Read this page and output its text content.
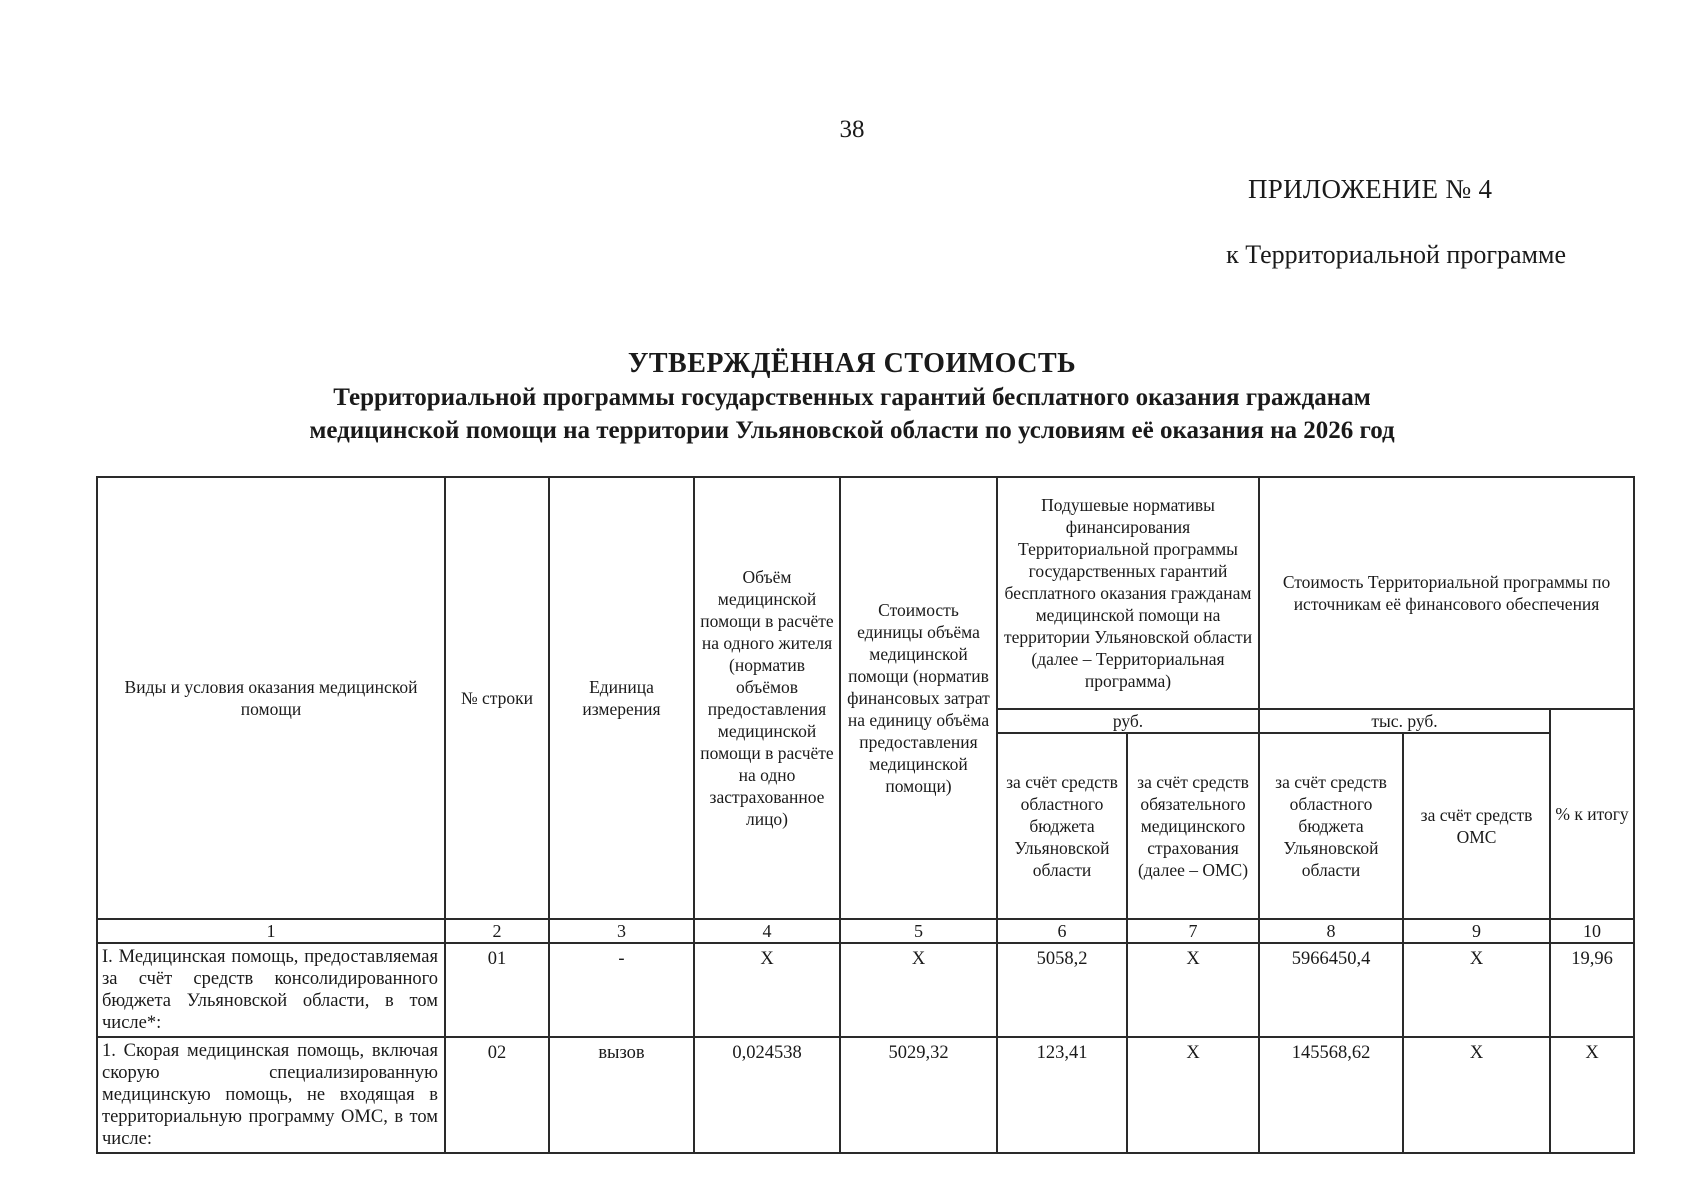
38
ПРИЛОЖЕНИЕ № 4
к Территориальной программе
УТВЕРЖДЁННАЯ СТОИМОСТЬ
Территориальной программы государственных гарантий бесплатного оказания гражданам
медицинской помощи на территории Ульяновской области по условиям её оказания на 2026 год
Виды и условия оказания медицинской помощи	№ строки	Единица измерения	Объём медицинской помощи в расчёте на одного жителя (норматив объёмов предоставления медицинской помощи в расчёте на одно застрахованное лицо)	Стоимость единицы объёма медицинской помощи (норматив финансовых затрат на единицу объёма предоставления медицинской помощи)	Подушевые нормативы финансирования Территориальной программы государственных гарантий бесплатного оказания гражданам медицинской помощи на территории Ульяновской области (далее – Территориальная программа)		Стоимость Территориальной программы по источникам её финансового обеспечения		
					руб.		тыс. руб.		% к итогу
					за счёт средств областного бюджета Ульяновской области	за счёт средств обязательного медицинского страхования (далее – ОМС)	за счёт средств областного бюджета Ульяновской области	за счёт средств ОМС	
1	2	3	4	5	6	7	8	9	10
I. Медицинская помощь, предоставляемая за счёт средств консолидированного бюджета Ульяновской области, в том числе*:	01	-	Х	Х	5058,2	Х	5966450,4	Х	19,96
1. Скорая медицинская помощь, включая скорую специализированную медицинскую помощь, не входящая в территориальную программу ОМС, в том числе:	02	вызов	0,024538	5029,32	123,41	Х	145568,62	Х	Х
